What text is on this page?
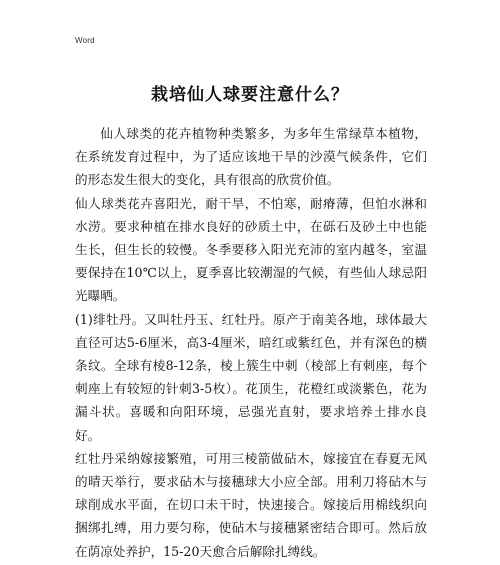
Word
栽培仙人球要注意什么？

仙人球类的花卉植物种类繁多，为多年生常绿草本植物，在系统发育过程中，为了适应该地干旱的沙漠气候条件，它们的形态发生很大的变化，具有很高的欣赏价值。

仙人球类花卉喜阳光，耐干旱，不怕寒，耐瘠薄，但怕水淋和水涝。要求种植在排水良好的砂质土中，在砾石及砂土中也能生长，但生长的较慢。冬季要移入阳光充沛的室内越冬，室温要保持在10℃以上，夏季喜比较潮湿的气候，有些仙人球忌阳光曝晒。

(1)绯牡丹。又叫牡丹玉、红牡丹。原产于南美各地，球体最大直径可达5-6厘米，高3-4厘米，暗红或紫红色，并有深色的横条纹。全球有棱8-12条，棱上簇生中刺（棱部上有刺座，每个刺座上有较短的针刺3-5枚）。花顶生，花橙红或淡紫色，花为漏斗状。喜暖和向阳环境，忌强光直射，要求培养土排水良好。

红牡丹采纳嫁接繁殖，可用三棱箭做砧木，嫁接宜在春夏无风的晴天举行，要求砧木与接穗球大小应全部。用利刀将砧木与球削成水平面，在切口未干时，快速接合。嫁接后用棉线织向捆绑扎缚，用力要匀称，使砧木与接穗紧密结合即可。然后放在荫凉处养护，15-20天愈合后解除扎缚线。
